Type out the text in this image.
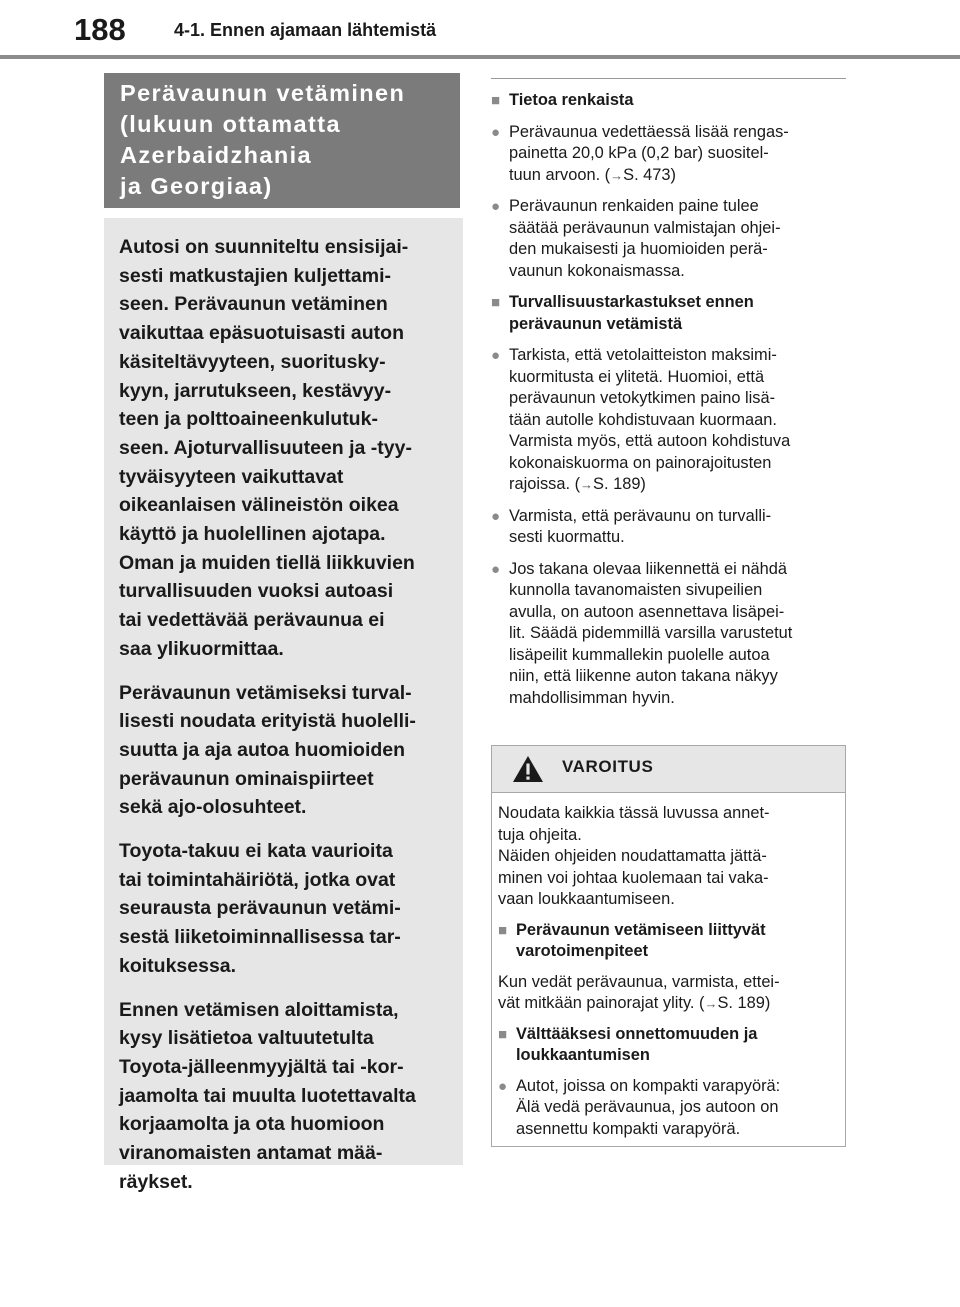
188	4-1. Ennen ajamaan lähtemistä
Perävaunun vetäminen
(lukuun ottamatta
Azerbaidzhania
ja Georgiaa)

Autosi on suunniteltu ensisijai-
sesti matkustajien kuljettami-
seen. Perävaunun vetäminen
vaikuttaa epäsuotuisasti auton
käsiteltävyyteen, suoritusky-
kyyn, jarrutukseen, kestävyy-
teen ja polttoaineenkulutuk-
seen. Ajoturvallisuuteen ja -tyy-
tyväisyyteen vaikuttavat
oikeanlaisen välineistön oikea
käyttö ja huolellinen ajotapa.
Oman ja muiden tiellä liikkuvien
turvallisuuden vuoksi autoasi
tai vedettävää perävaunua ei
saa ylikuormittaa.

Perävaunun vetämiseksi turval-
lisesti noudata erityistä huolelli-
suutta ja aja autoa huomioiden
perävaunun ominaispiirteet
sekä ajo-olosuhteet.

Toyota-takuu ei kata vaurioita
tai toimintahäiriötä, jotka ovat
seurausta perävaunun vetämi-
sestä liiketoiminnallisessa tar-
koituksessa.

Ennen vetämisen aloittamista,
kysy lisätietoa valtuutetulta
Toyota-jälleenmyyjältä tai -kor-
jaamolta tai muulta luotettavalta
korjaamolta ja ota huomioon
viranomaisten antamat mää-
räykset.

■ Tietoa renkaista
● Perävaunua vedettäessä lisää rengas-
painetta 20,0 kPa (0,2 bar) suositel-
tuun arvoon. (→S. 473)
● Perävaunun renkaiden paine tulee
säätää perävaunun valmistajan ohjei-
den mukaisesti ja huomioiden perä-
vaunun kokonaismassa.
■ Turvallisuustarkastukset ennen
perävaunun vetämistä
● Tarkista, että vetolaitteiston maksimi-
kuormitusta ei ylitetä. Huomioi, että
perävaunun vetokytkimen paino lisä-
tään autolle kohdistuvaan kuormaan.
Varmista myös, että autoon kohdistuva
kokonaiskuorma on painorajoitusten
rajoissa. (→S. 189)
● Varmista, että perävaunu on turvalli-
sesti kuormattu.
● Jos takana olevaa liikennettä ei nähdä
kunnolla tavanomaisten sivupeilien
avulla, on autoon asennettava lisäpei-
lit. Säädä pidemmillä varsilla varustetut
lisäpeilit kummallekin puolelle autoa
niin, että liikenne auton takana näkyy
mahdollisimman hyvin.
VAROITUS
Noudata kaikkia tässä luvussa annet-
tuja ohjeita.
Näiden ohjeiden noudattamatta jättä-
minen voi johtaa kuolemaan tai vaka-
vaan loukkaantumiseen.
■ Perävaunun vetämiseen liittyvät
varotoimenpiteet
Kun vedät perävaunua, varmista, ettei-
vät mitkään painorajat ylity. (→S. 189)
■ Välttääksesi onnettomuuden ja
loukkaantumisen
● Autot, joissa on kompakti varapyörä:
Älä vedä perävaunua, jos autoon on
asennettu kompakti varapyörä.
